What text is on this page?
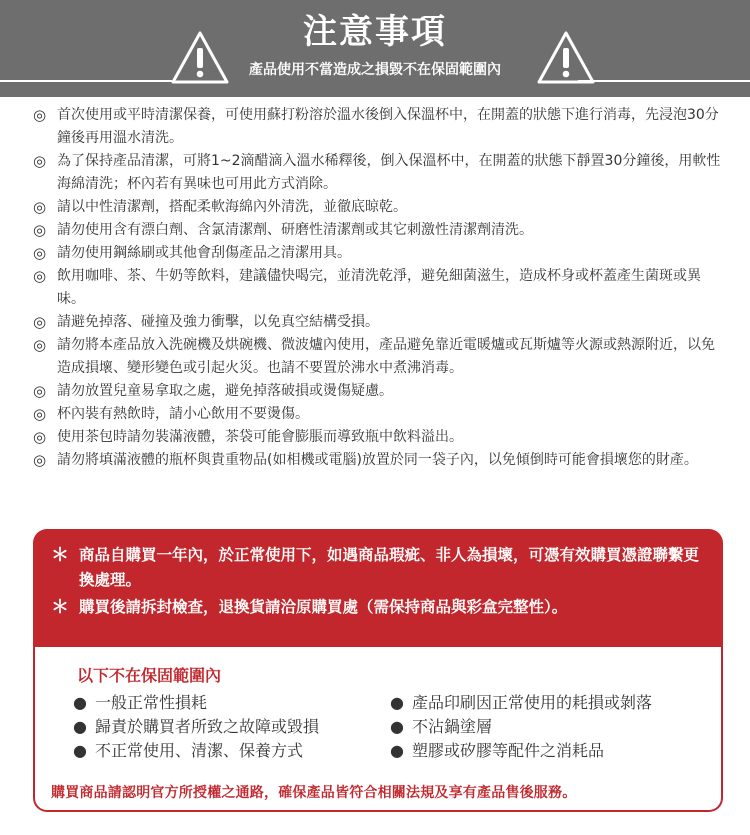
注意事項
產品使用不當造成之損毀不在保固範圍內
◎ 首次使用或平時清潔保養，可使用蘇打粉溶於溫水後倒入保溫杯中，在開蓋的狀態下進行消毒，先浸泡30分鐘後再用溫水清洗。
◎ 為了保持產品清潔，可將1~2滴醋滴入溫水稀釋後，倒入保溫杯中，在開蓋的狀態下靜置30分鐘後，用軟性海綿清洗；杯內若有異味也可用此方式消除。
◎ 請以中性清潔劑，搭配柔軟海綿內外清洗，並徹底晾乾。
◎ 請勿使用含有漂白劑、含氯清潔劑、研磨性清潔劑或其它刺激性清潔劑清洗。
◎ 請勿使用鋼絲刷或其他會刮傷產品之清潔用具。
◎ 飲用咖啡、茶、牛奶等飲料，建議儘快喝完，並清洗乾淨，避免細菌滋生，造成杯身或杯蓋產生菌斑或異味。
◎ 請避免掉落、碰撞及強力衝擊，以免真空結構受損。
◎ 請勿將本產品放入洗碗機及烘碗機、微波爐內使用，產品避免靠近電暖爐或瓦斯爐等火源或熱源附近，以免造成損壞、變形變色或引起火災。也請不要置於沸水中煮沸消毒。
◎ 請勿放置兒童易拿取之處，避免掉落破損或燙傷疑慮。
◎ 杯內裝有熱飲時，請小心飲用不要燙傷。
◎ 使用茶包時請勿裝滿液體，茶袋可能會膨脹而導致瓶中飲料溢出。
◎ 請勿將填滿液體的瓶杯與貴重物品(如相機或電腦)放置於同一袋子內，以免傾倒時可能會損壞您的財產。
＊ 商品自購買一年內，於正常使用下，如遇商品瑕疵、非人為損壞，可憑有效購買憑證聯繫更換處理。
＊ 購買後請拆封檢查，退換貨請洽原購買處（需保持商品與彩盒完整性）。
以下不在保固範圍內
● 一般正常性損耗
● 歸責於購買者所致之故障或毀損
● 不正常使用、清潔、保養方式
● 產品印刷因正常使用的耗損或剝落
● 不沾鍋塗層
● 塑膠或矽膠等配件之消耗品
購買商品請認明官方所授權之通路，確保產品皆符合相關法規及享有產品售後服務。
